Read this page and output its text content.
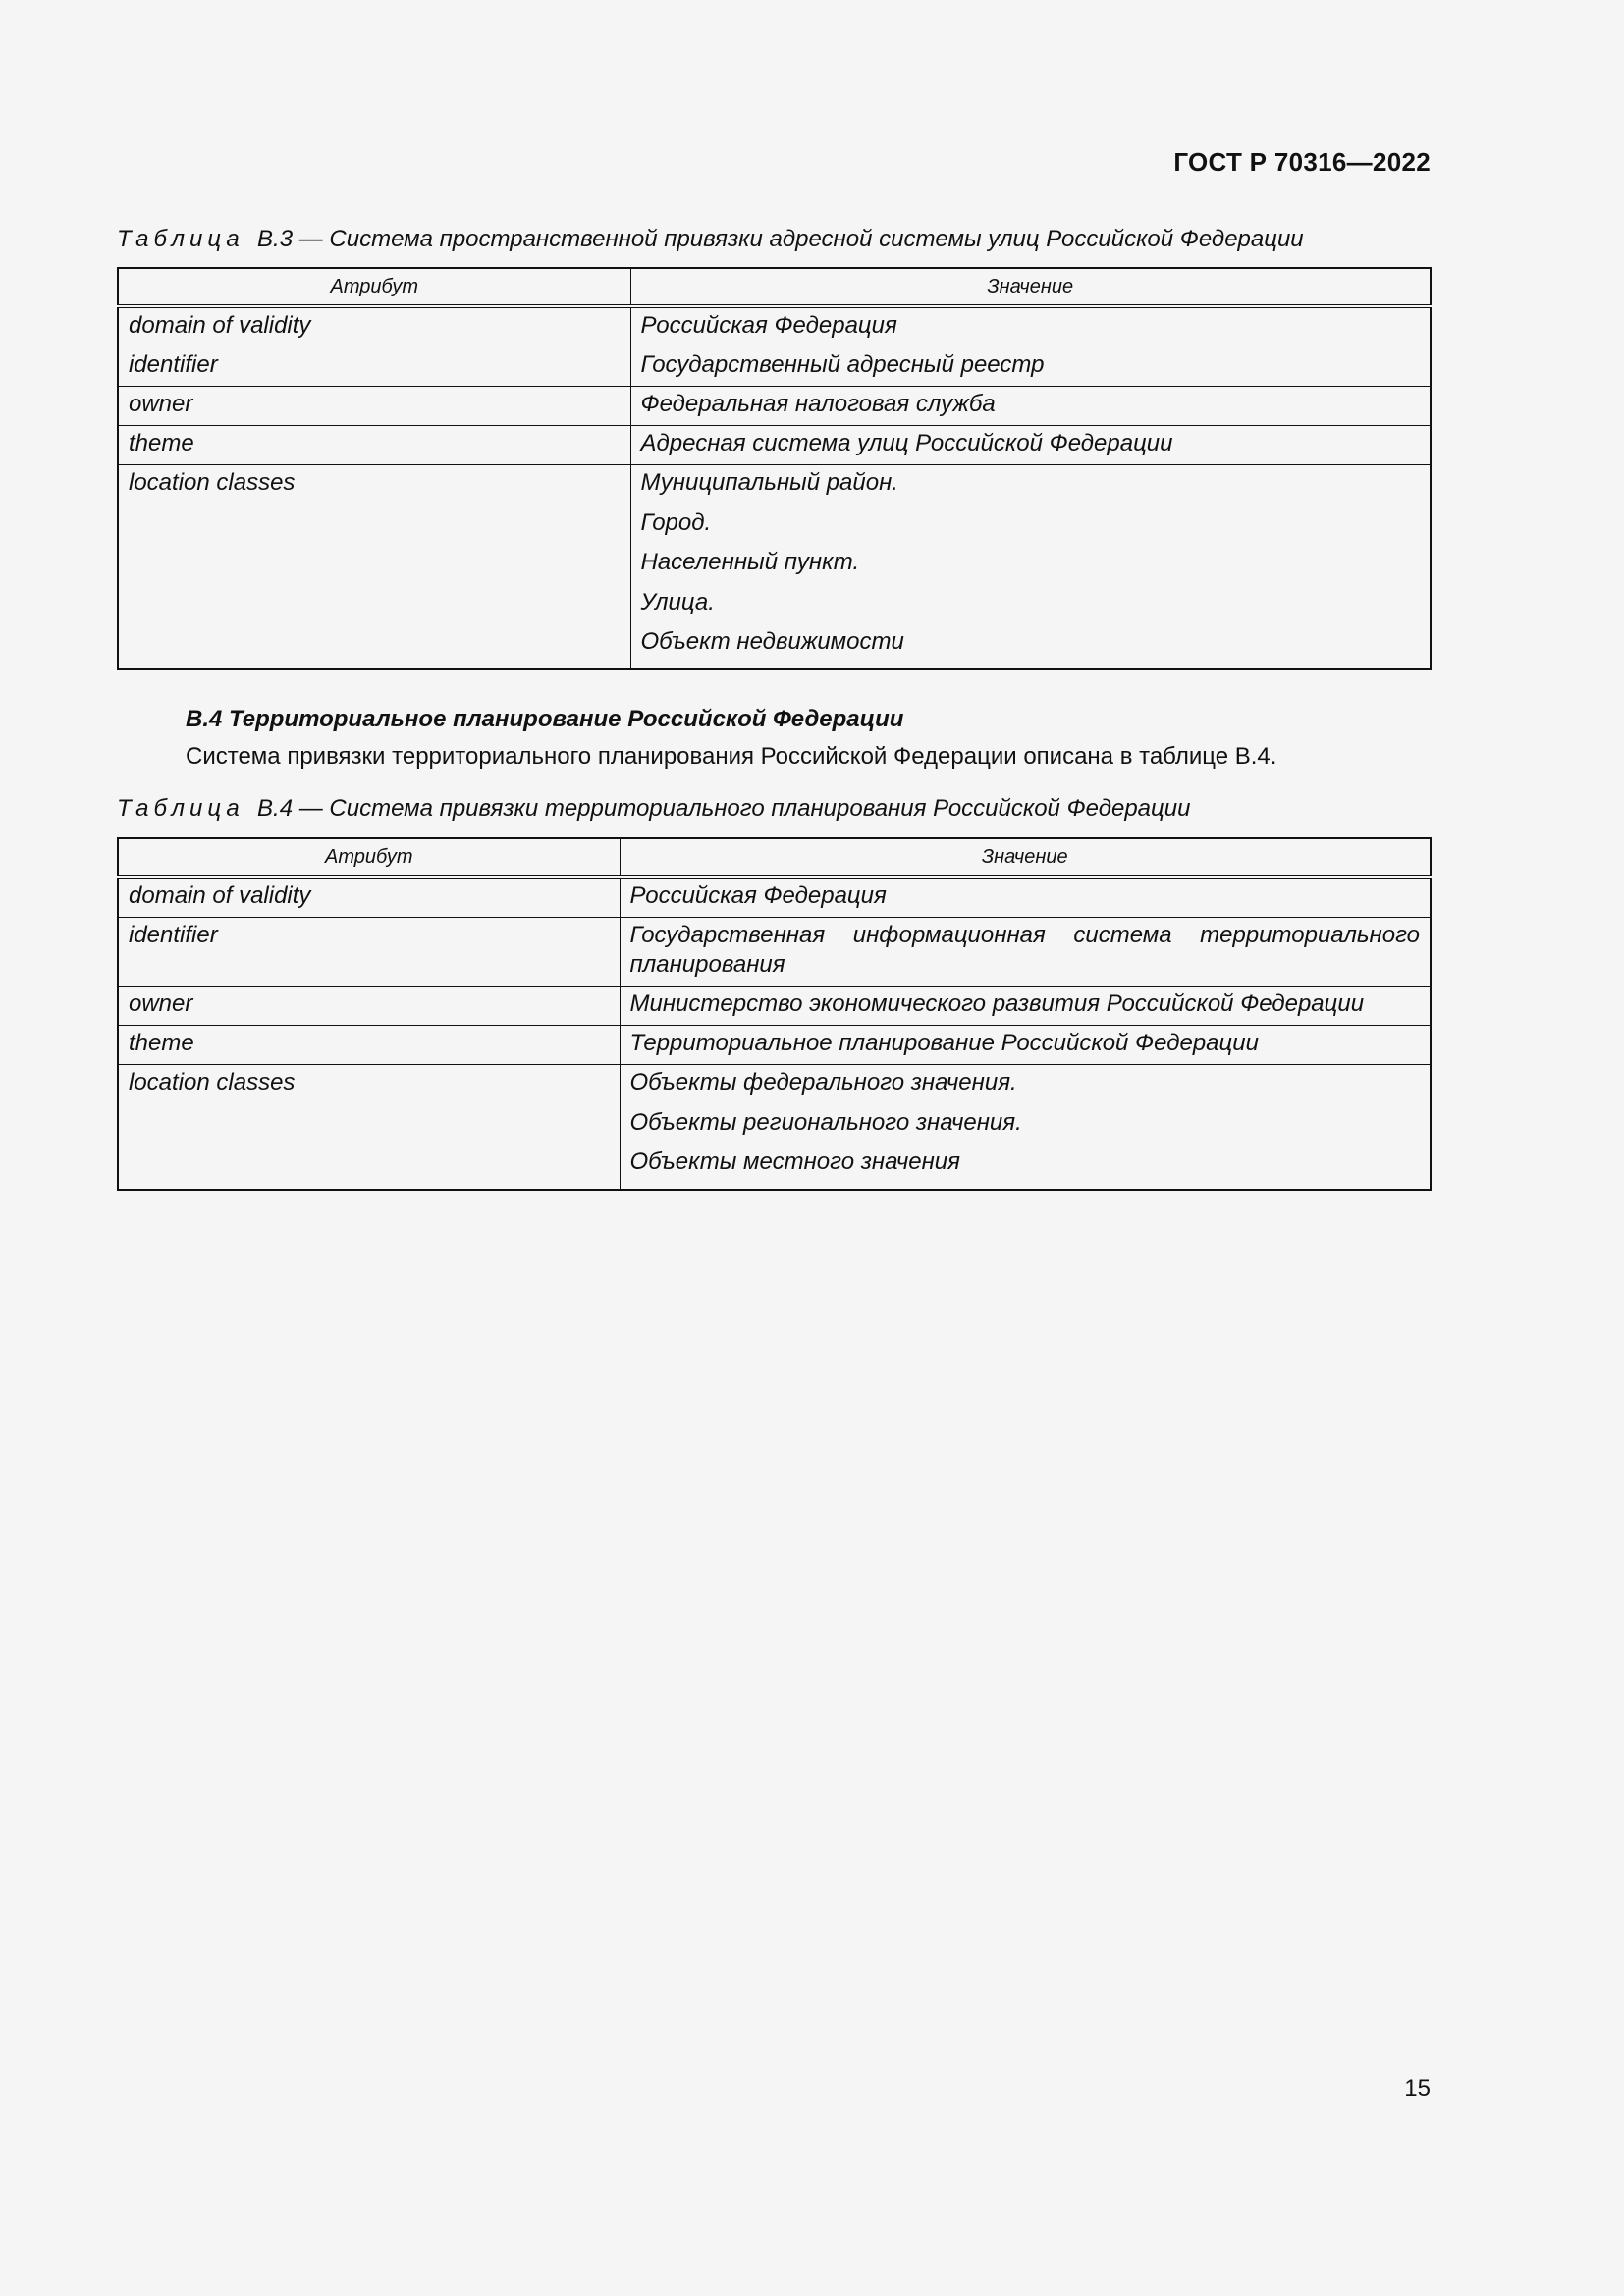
ГОСТ Р 70316—2022
Таблица В.3 — Система пространственной привязки адресной системы улиц Российской Федерации
Атрибут	Значение
domain of validity	Российская Федерация
identifier	Государственный адресный реестр
owner	Федеральная налоговая служба
theme	Адресная система улиц Российской Федерации
location classes	Муниципальный район.
Город.
Населенный пункт.
Улица.
Объект недвижимости
В.4 Территориальное планирование Российской Федерации
Система привязки территориального планирования Российской Федерации описана в таблице В.4.
Таблица В.4 — Система привязки территориального планирования Российской Федерации
Атрибут	Значение
domain of validity	Российская Федерация
identifier	Государственная информационная система территориального планирования
owner	Министерство экономического развития Российской Федерации
theme	Территориальное планирование Российской Федерации
location classes	Объекты федерального значения.
Объекты регионального значения.
Объекты местного значения
15
